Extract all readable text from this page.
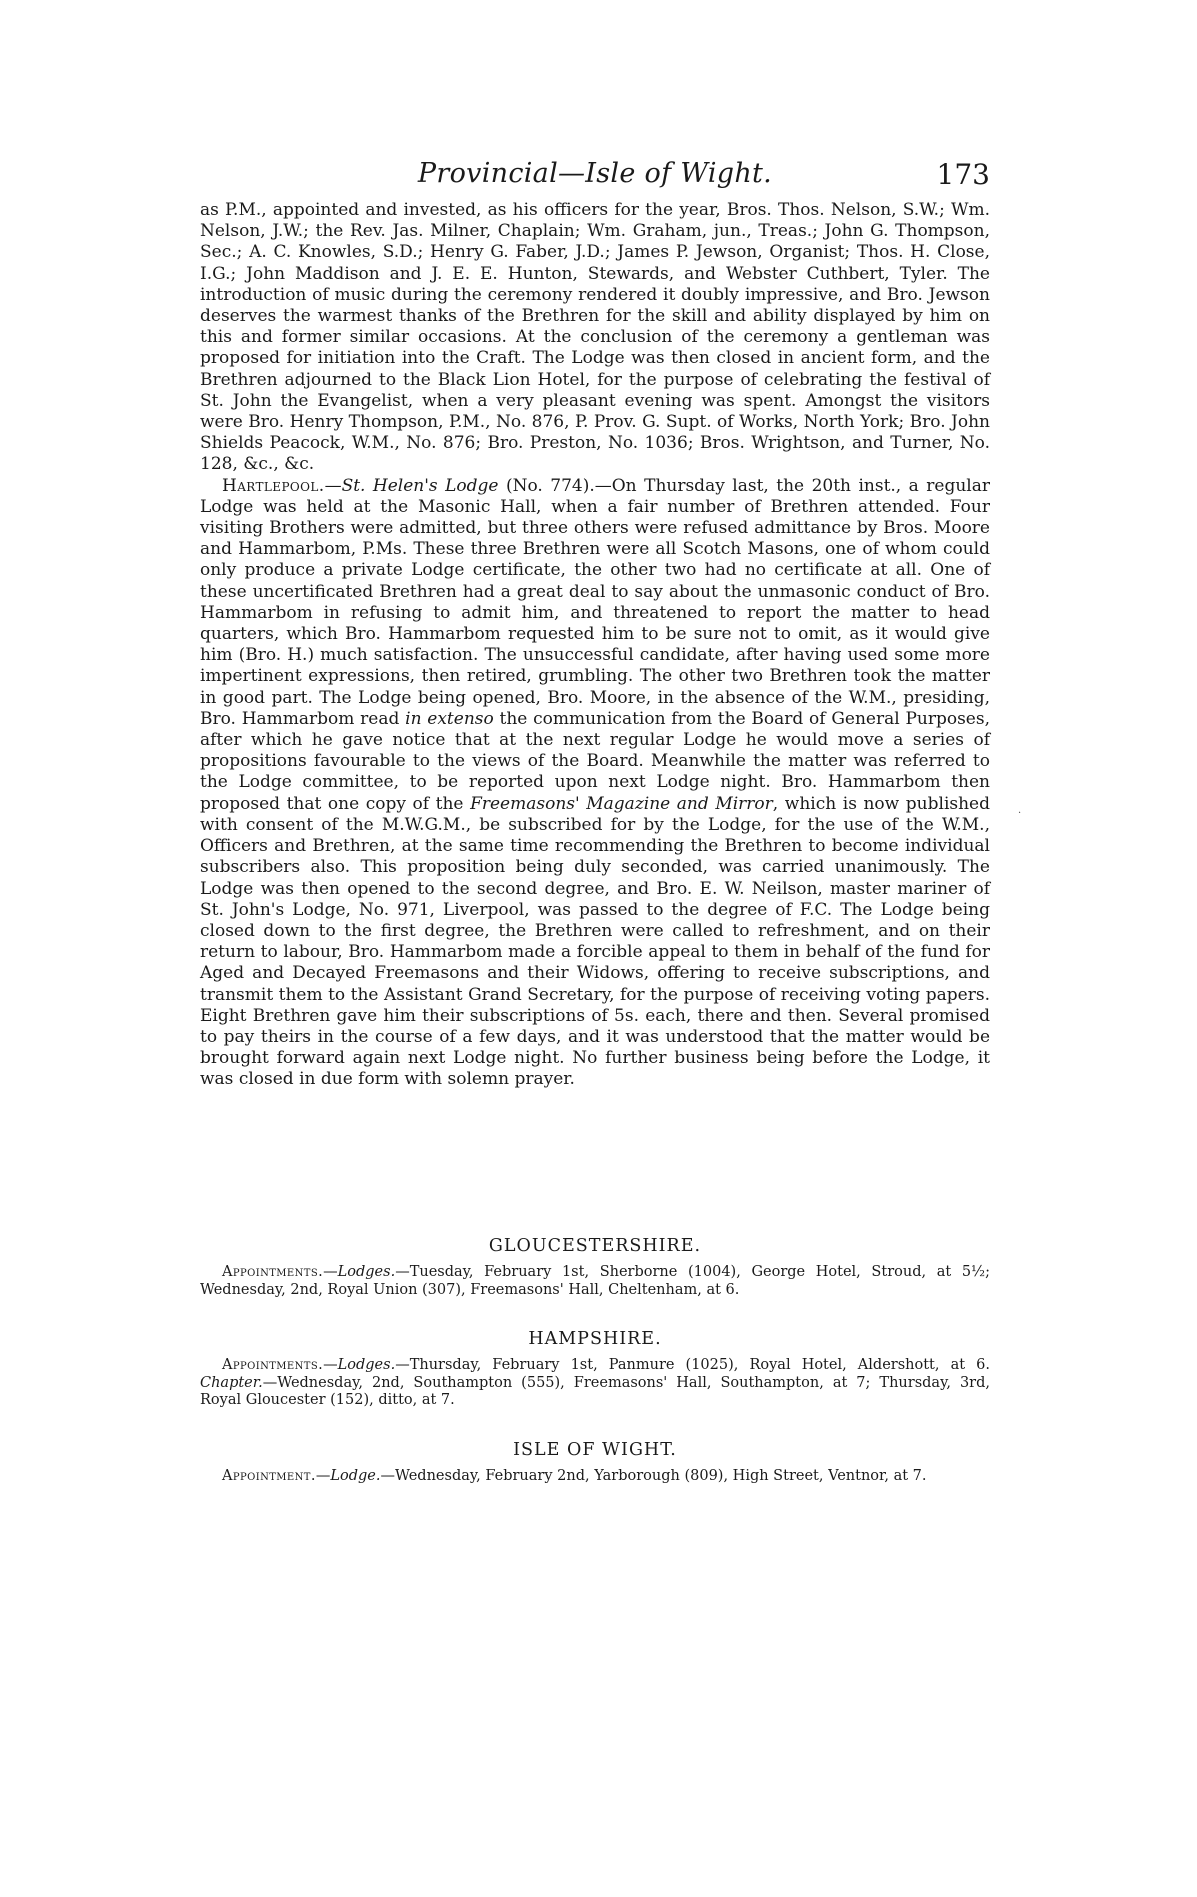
Provincial—Isle of Wight.	173

as P.M., appointed and invested, as his officers for the year, Bros. Thos. Nelson, S.W.; Wm. Nelson, J.W.; the Rev. Jas. Milner, Chaplain; Wm. Graham, jun., Treas.; John G. Thompson, Sec.; A. C. Knowles, S.D.; Henry G. Faber, J.D.; James P. Jewson, Organist; Thos. H. Close, I.G.; John Maddison and J. E. E. Hunton, Stewards, and Webster Cuthbert, Tyler. The introduction of music during the ceremony rendered it doubly impressive, and Bro. Jewson deserves the warmest thanks of the Brethren for the skill and ability displayed by him on this and former similar occasions. At the conclusion of the ceremony a gentleman was proposed for initiation into the Craft. The Lodge was then closed in ancient form, and the Brethren adjourned to the Black Lion Hotel, for the purpose of celebrating the festival of St. John the Evangelist, when a very pleasant evening was spent. Amongst the visitors were Bro. Henry Thompson, P.M., No. 876, P. Prov. G. Supt. of Works, North York; Bro. John Shields Peacock, W.M., No. 876; Bro. Preston, No. 1036; Bros. Wrightson, and Turner, No. 128, &c., &c.

Hartlepool.—St. Helen's Lodge (No. 774).—On Thursday last, the 20th inst., a regular Lodge was held at the Masonic Hall, when a fair number of Brethren attended. Four visiting Brothers were admitted, but three others were refused admittance by Bros. Moore and Hammarbom, P.Ms. These three Brethren were all Scotch Masons, one of whom could only produce a private Lodge certificate, the other two had no certificate at all. One of these uncertificated Brethren had a great deal to say about the unmasonic conduct of Bro. Hammarbom in refusing to admit him, and threatened to report the matter to head quarters, which Bro. Hammarbom requested him to be sure not to omit, as it would give him (Bro. H.) much satisfaction. The unsuccessful candidate, after having used some more impertinent expressions, then retired, grumbling. The other two Brethren took the matter in good part. The Lodge being opened, Bro. Moore, in the absence of the W.M., presiding, Bro. Hammarbom read in extenso the communication from the Board of General Purposes, after which he gave notice that at the next regular Lodge he would move a series of propositions favourable to the views of the Board. Meanwhile the matter was referred to the Lodge committee, to be reported upon next Lodge night. Bro. Hammarbom then proposed that one copy of the Freemasons' Magazine and Mirror, which is now published with consent of the M.W.G.M., be subscribed for by the Lodge, for the use of the W.M., Officers and Brethren, at the same time recommending the Brethren to become individual subscribers also. This proposition being duly seconded, was carried unanimously. The Lodge was then opened to the second degree, and Bro. E. W. Neilson, master mariner of St. John's Lodge, No. 971, Liverpool, was passed to the degree of F.C. The Lodge being closed down to the first degree, the Brethren were called to refreshment, and on their return to labour, Bro. Hammarbom made a forcible appeal to them in behalf of the fund for Aged and Decayed Freemasons and their Widows, offering to receive subscriptions, and transmit them to the Assistant Grand Secretary, for the purpose of receiving voting papers. Eight Brethren gave him their subscriptions of 5s. each, there and then. Several promised to pay theirs in the course of a few days, and it was understood that the matter would be brought forward again next Lodge night. No further business being before the Lodge, it was closed in due form with solemn prayer.

·
GLOUCESTERSHIRE.

Appointments.—Lodges.—Tuesday, February 1st, Sherborne (1004), George Hotel, Stroud, at 5½; Wednesday, 2nd, Royal Union (307), Freemasons' Hall, Cheltenham, at 6.

HAMPSHIRE.

Appointments.—Lodges.—Thursday, February 1st, Panmure (1025), Royal Hotel, Aldershott, at 6. Chapter.—Wednesday, 2nd, Southampton (555), Freemasons' Hall, Southampton, at 7; Thursday, 3rd, Royal Gloucester (152), ditto, at 7.

ISLE OF WIGHT.

Appointment.—Lodge.—Wednesday, February 2nd, Yarborough (809), High Street, Ventnor, at 7.
